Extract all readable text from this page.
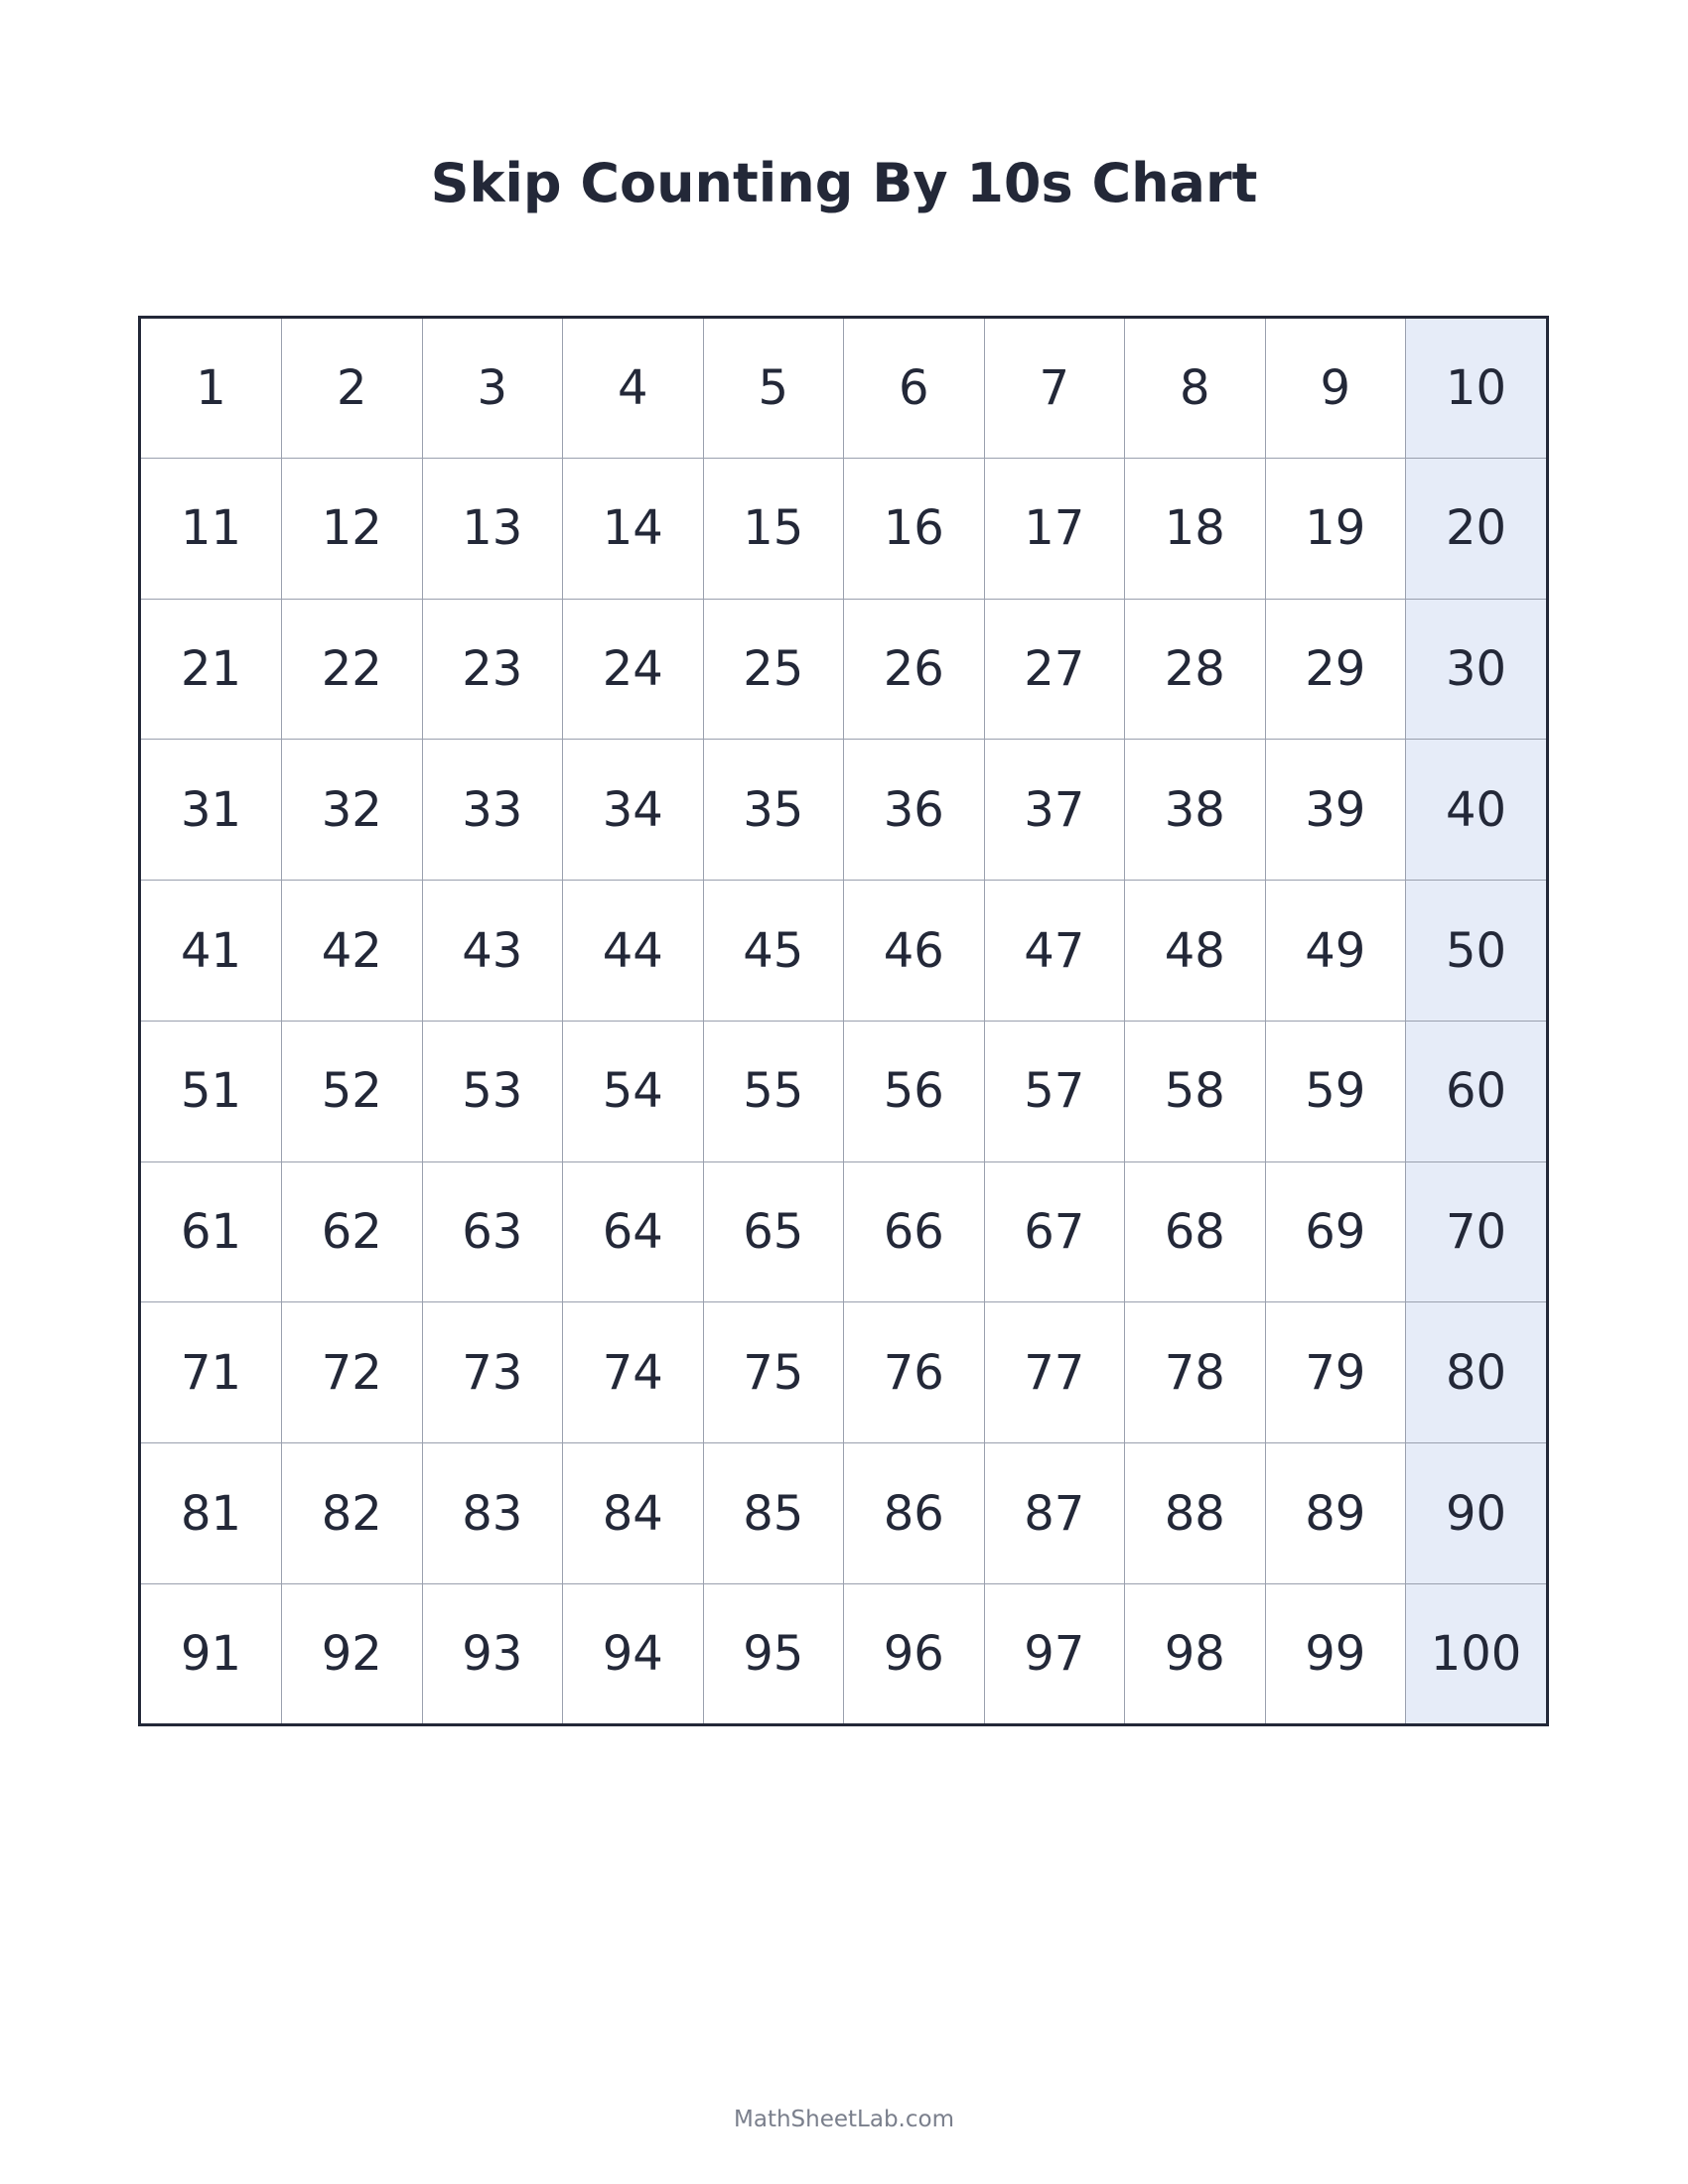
Skip Counting By 10s Chart
1	2	3	4	5	6	7	8	9	10
11	12	13	14	15	16	17	18	19	20
21	22	23	24	25	26	27	28	29	30
31	32	33	34	35	36	37	38	39	40
41	42	43	44	45	46	47	48	49	50
51	52	53	54	55	56	57	58	59	60
61	62	63	64	65	66	67	68	69	70
71	72	73	74	75	76	77	78	79	80
81	82	83	84	85	86	87	88	89	90
91	92	93	94	95	96	97	98	99	100
MathSheetLab.com
